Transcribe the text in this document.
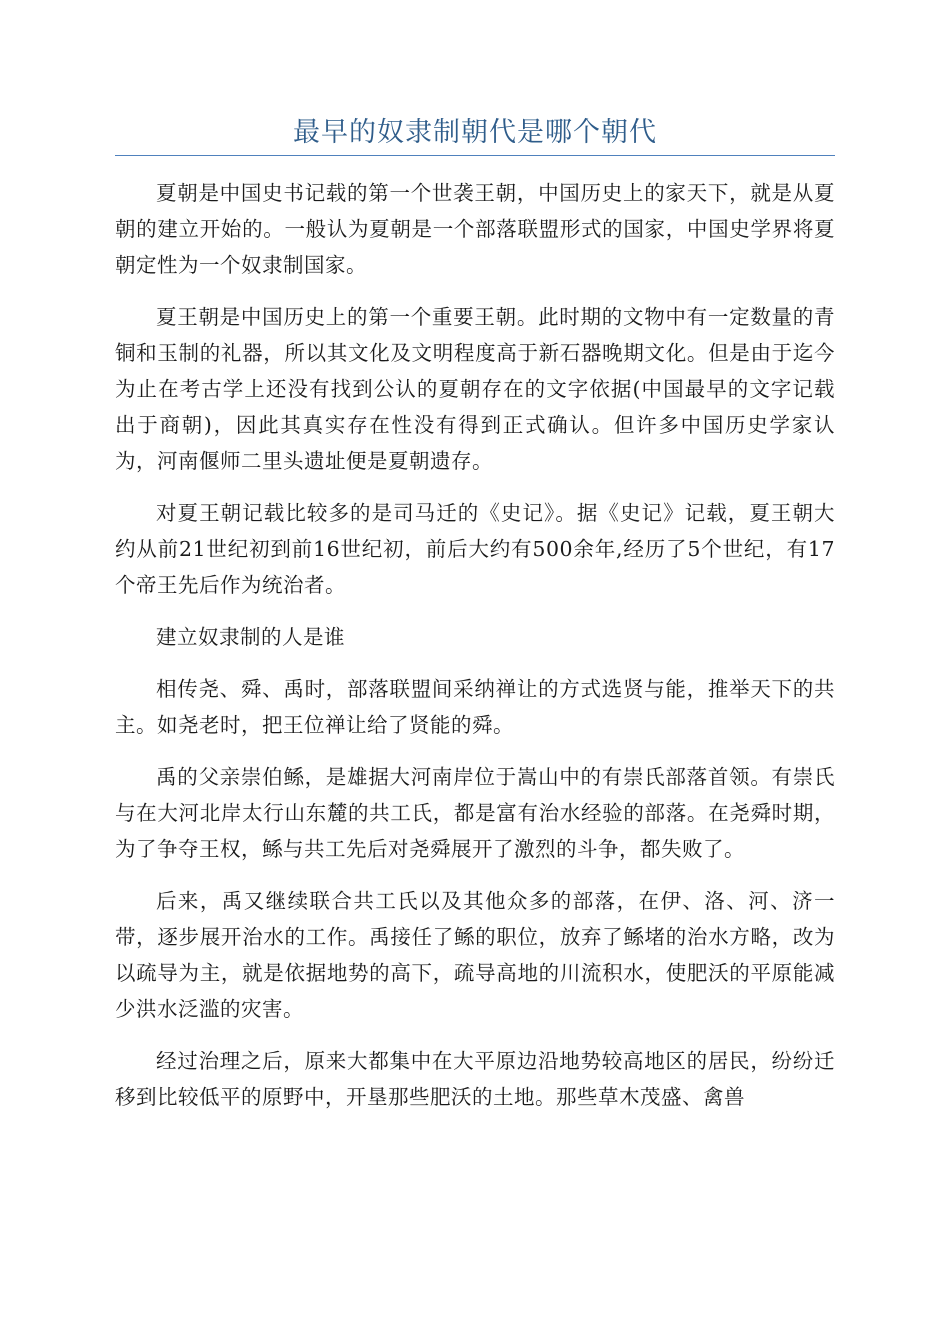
最早的奴隶制朝代是哪个朝代

夏朝是中国史书记载的第一个世袭王朝，中国历史上的家天下，就是从夏朝的建立开始的。一般认为夏朝是一个部落联盟形式的国家，中国史学界将夏朝定性为一个奴隶制国家。

夏王朝是中国历史上的第一个重要王朝。此时期的文物中有一定数量的青铜和玉制的礼器，所以其文化及文明程度高于新石器晚期文化。但是由于迄今为止在考古学上还没有找到公认的夏朝存在的文字依据(中国最早的文字记载出于商朝)，因此其真实存在性没有得到正式确认。但许多中国历史学家认为，河南偃师二里头遗址便是夏朝遗存。

对夏王朝记载比较多的是司马迁的《史记》。据《史记》记载，夏王朝大约从前21世纪初到前16世纪初，前后大约有500余年,经历了5个世纪，有17个帝王先后作为统治者。

建立奴隶制的人是谁

相传尧、舜、禹时，部落联盟间采纳禅让的方式选贤与能，推举天下的共主。如尧老时，把王位禅让给了贤能的舜。

禹的父亲崇伯鲧，是雄据大河南岸位于嵩山中的有崇氏部落首领。有崇氏与在大河北岸太行山东麓的共工氏，都是富有治水经验的部落。在尧舜时期，为了争夺王权，鲧与共工先后对尧舜展开了激烈的斗争，都失败了。

后来，禹又继续联合共工氏以及其他众多的部落，在伊、洛、河、济一带，逐步展开治水的工作。禹接任了鲧的职位，放弃了鲧堵的治水方略，改为以疏导为主，就是依据地势的高下，疏导高地的川流积水，使肥沃的平原能减少洪水泛滥的灾害。

经过治理之后，原来大都集中在大平原边沿地势较高地区的居民，纷纷迁移到比较低平的原野中，开垦那些肥沃的土地。那些草木茂盛、禽兽
